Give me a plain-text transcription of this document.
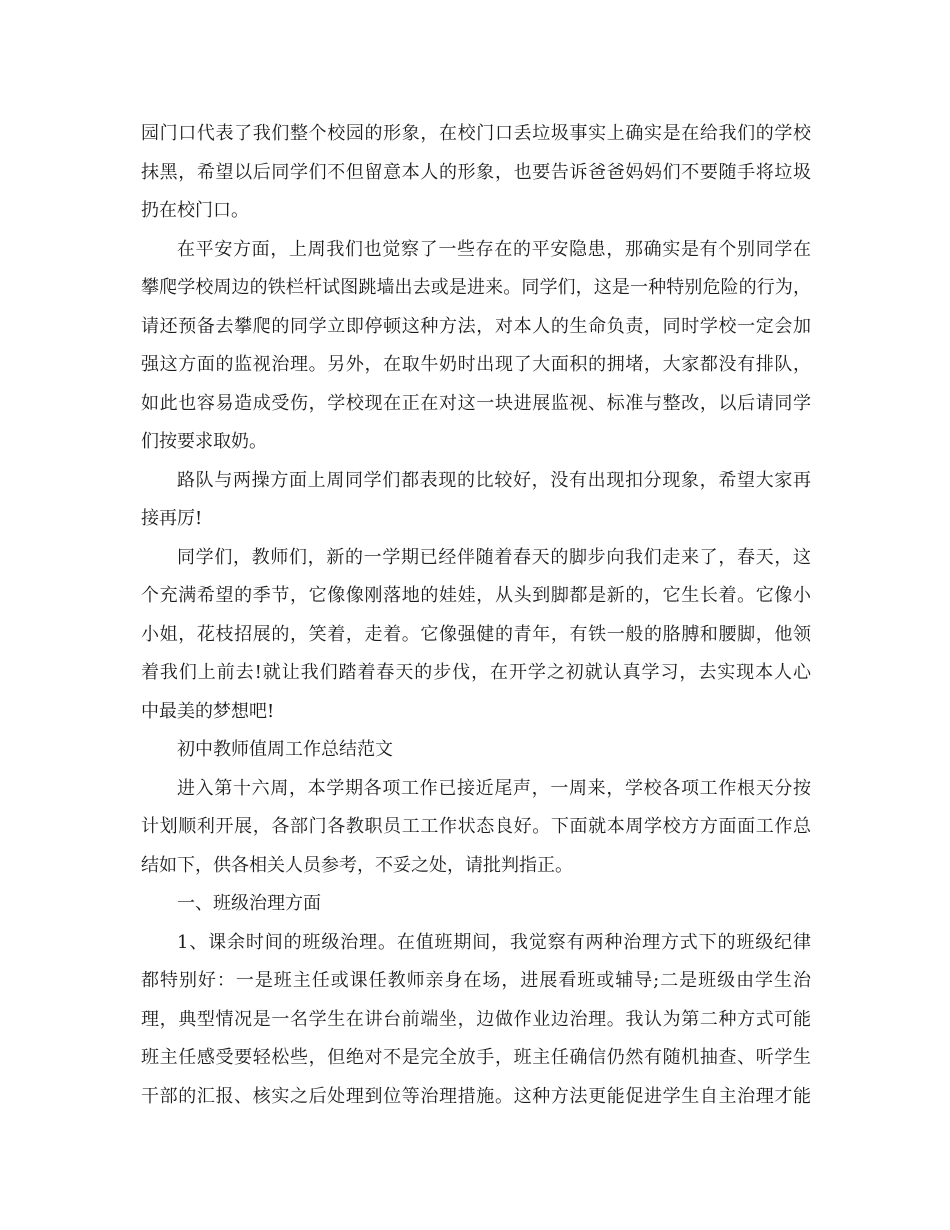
园门口代表了我们整个校园的形象，在校门口丢垃圾事实上确实是在给我们的学校
抹黑，希望以后同学们不但留意本人的形象，也要告诉爸爸妈妈们不要随手将垃圾
扔在校门口。
在平安方面，上周我们也觉察了一些存在的平安隐患，那确实是有个别同学在
攀爬学校周边的铁栏杆试图跳墙出去或是进来。同学们，这是一种特别危险的行为，
请还预备去攀爬的同学立即停顿这种方法，对本人的生命负责，同时学校一定会加
强这方面的监视治理。另外，在取牛奶时出现了大面积的拥堵，大家都没有排队，
如此也容易造成受伤，学校现在正在对这一块进展监视、标准与整改，以后请同学
们按要求取奶。
路队与两操方面上周同学们都表现的比较好，没有出现扣分现象，希望大家再
接再厉!
同学们，教师们，新的一学期已经伴随着春天的脚步向我们走来了，春天，这
个充满希望的季节，它像像刚落地的娃娃，从头到脚都是新的，它生长着。它像小
小姐，花枝招展的，笑着，走着。它像强健的青年，有铁一般的胳膊和腰脚，他领
着我们上前去!就让我们踏着春天的步伐，在开学之初就认真学习，去实现本人心
中最美的梦想吧!
初中教师值周工作总结范文
进入第十六周，本学期各项工作已接近尾声，一周来，学校各项工作根天分按
计划顺利开展，各部门各教职员工工作状态良好。下面就本周学校方方面面工作总
结如下，供各相关人员参考，不妥之处，请批判指正。
一、班级治理方面
1、课余时间的班级治理。在值班期间，我觉察有两种治理方式下的班级纪律
都特别好：一是班主任或课任教师亲身在场，进展看班或辅导;二是班级由学生治
理，典型情况是一名学生在讲台前端坐，边做作业边治理。我认为第二种方式可能
班主任感受要轻松些，但绝对不是完全放手，班主任确信仍然有随机抽查、听学生
干部的汇报、核实之后处理到位等治理措施。这种方法更能促进学生自主治理才能
